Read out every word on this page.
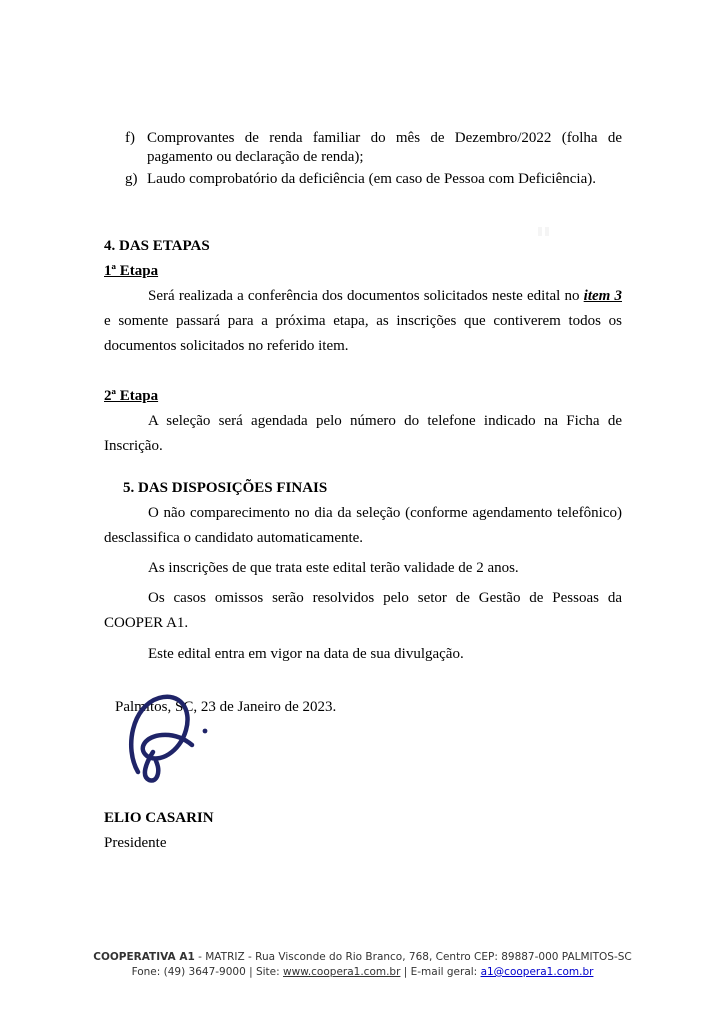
f) Comprovantes de renda familiar do mês de Dezembro/2022 (folha de pagamento ou declaração de renda);
g) Laudo comprobatório da deficiência (em caso de Pessoa com Deficiência).

4. DAS ETAPAS

1ª Etapa

Será realizada a conferência dos documentos solicitados neste edital no item 3 e somente passará para a próxima etapa, as inscrições que contiverem todos os documentos solicitados no referido item.

2ª Etapa

A seleção será agendada pelo número do telefone indicado na Ficha de Inscrição.

5. DAS DISPOSIÇÕES FINAIS

O não comparecimento no dia da seleção (conforme agendamento telefônico) desclassifica o candidato automaticamente.

As inscrições de que trata este edital terão validade de 2 anos.

Os casos omissos serão resolvidos pelo setor de Gestão de Pessoas da COOPER A1.

Este edital entra em vigor na data de sua divulgação.

Palmitos, SC, 23 de Janeiro de 2023.

ELIO CASARIN

Presidente

COOPERATIVA A1 - MATRIZ - Rua Visconde do Rio Branco, 768, Centro CEP: 89887-000 PALMITOS-SC
Fone: (49) 3647-9000 | Site: www.coopera1.com.br | E-mail geral: a1@coopera1.com.br
